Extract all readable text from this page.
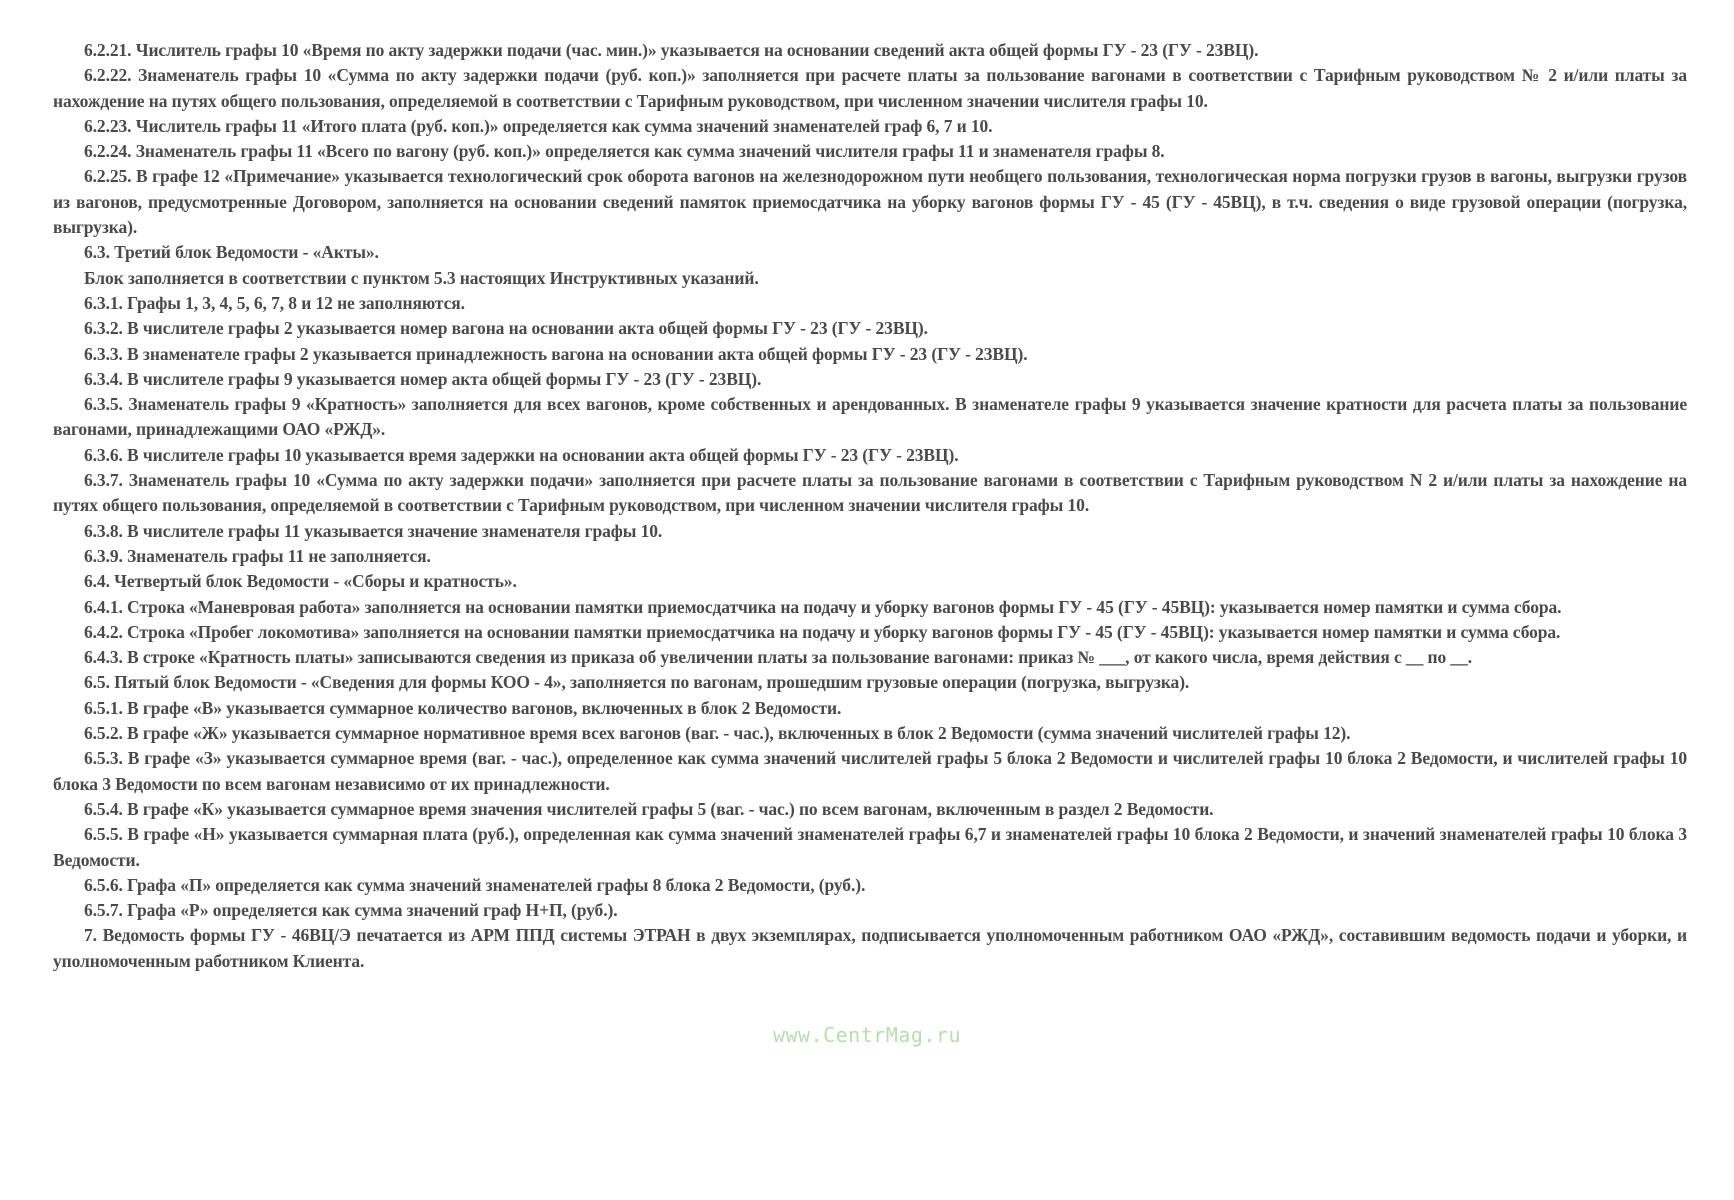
6.2.21. Числитель графы 10 «Время по акту задержки подачи (час. мин.)» указывается на основании сведений акта общей формы ГУ - 23 (ГУ - 23ВЦ).

6.2.22. Знаменатель графы 10 «Сумма по акту задержки подачи (руб. коп.)» заполняется при расчете платы за пользование вагонами в соответствии с Тарифным руководством № 2 и/или платы за нахождение на путях общего пользования, определяемой в соответствии с Тарифным руководством, при численном значении числителя графы 10.

6.2.23. Числитель графы 11 «Итого плата (руб. коп.)» определяется как сумма значений знаменателей граф 6, 7 и 10.

6.2.24. Знаменатель графы 11 «Всего по вагону (руб. коп.)» определяется как сумма значений числителя графы 11 и знаменателя графы 8.

6.2.25. В графе 12 «Примечание» указывается технологический срок оборота вагонов на железнодорожном пути необщего пользования, технологическая норма погрузки грузов в вагоны, выгрузки грузов из вагонов, предусмотренные Договором, заполняется на основании сведений памяток приемосдатчика на уборку вагонов формы ГУ - 45 (ГУ - 45ВЦ), в т.ч. сведения о виде грузовой операции (погрузка, выгрузка).

6.3. Третий блок Ведомости - «Акты».

Блок заполняется в соответствии с пунктом 5.3 настоящих Инструктивных указаний.

6.3.1. Графы 1, 3, 4, 5, 6, 7, 8 и 12 не заполняются.

6.3.2. В числителе графы 2 указывается номер вагона на основании акта общей формы ГУ - 23 (ГУ - 23ВЦ).

6.3.3. В знаменателе графы 2 указывается принадлежность вагона на основании акта общей формы ГУ - 23 (ГУ - 23ВЦ).

6.3.4. В числителе графы 9 указывается номер акта общей формы ГУ - 23 (ГУ - 23ВЦ).

6.3.5. Знаменатель графы 9 «Кратность» заполняется для всех вагонов, кроме собственных и арендованных. В знаменателе графы 9 указывается значение кратности для расчета платы за пользование вагонами, принадлежащими ОАО «РЖД».

6.3.6. В числителе графы 10 указывается время задержки на основании акта общей формы ГУ - 23 (ГУ - 23ВЦ).

6.3.7. Знаменатель графы 10 «Сумма по акту задержки подачи» заполняется при расчете платы за пользование вагонами в соответствии с Тарифным руководством N 2 и/или платы за нахождение на путях общего пользования, определяемой в соответствии с Тарифным руководством, при численном значении числителя графы 10.

6.3.8. В числителе графы 11 указывается значение знаменателя графы 10.

6.3.9. Знаменатель графы 11 не заполняется.

6.4. Четвертый блок Ведомости - «Сборы и кратность».

6.4.1. Строка «Маневровая работа» заполняется на основании памятки приемосдатчика на подачу и уборку вагонов формы ГУ - 45 (ГУ - 45ВЦ): указывается номер памятки и сумма сбора.

6.4.2. Строка «Пробег локомотива» заполняется на основании памятки приемосдатчика на подачу и уборку вагонов формы ГУ - 45 (ГУ - 45ВЦ): указывается номер памятки и сумма сбора.

6.4.3. В строке «Кратность платы» записываются сведения из приказа об увеличении платы за пользование вагонами: приказ № ___, от какого числа, время действия с __ по __.

6.5. Пятый блок Ведомости - «Сведения для формы КОО - 4», заполняется по вагонам, прошедшим грузовые операции (погрузка, выгрузка).

6.5.1. В графе «В» указывается суммарное количество вагонов, включенных в блок 2 Ведомости.

6.5.2. В графе «Ж» указывается суммарное нормативное время всех вагонов (ваг. - час.), включенных в блок 2 Ведомости (сумма значений числителей графы 12).

6.5.3. В графе «З» указывается суммарное время (ваг. - час.), определенное как сумма значений числителей графы 5 блока 2 Ведомости и числителей графы 10 блока 2 Ведомости, и числителей графы 10 блока 3 Ведомости по всем вагонам независимо от их принадлежности.

6.5.4. В графе «К» указывается суммарное время значения числителей графы 5 (ваг. - час.) по всем вагонам, включенным в раздел 2 Ведомости.

6.5.5. В графе «Н» указывается суммарная плата (руб.), определенная как сумма значений знаменателей графы 6,7 и знаменателей графы 10 блока 2 Ведомости, и значений знаменателей графы 10 блока 3 Ведомости.

6.5.6. Графа «П» определяется как сумма значений знаменателей графы 8 блока 2 Ведомости, (руб.).

6.5.7. Графа «Р» определяется как сумма значений граф Н+П, (руб.).

7. Ведомость формы ГУ - 46ВЦ/Э печатается из АРМ ППД системы ЭТРАН в двух экземплярах, подписывается уполномоченным работником ОАО «РЖД», составившим ведомость подачи и уборки, и уполномоченным работником Клиента.

www.CentrMag.ru
